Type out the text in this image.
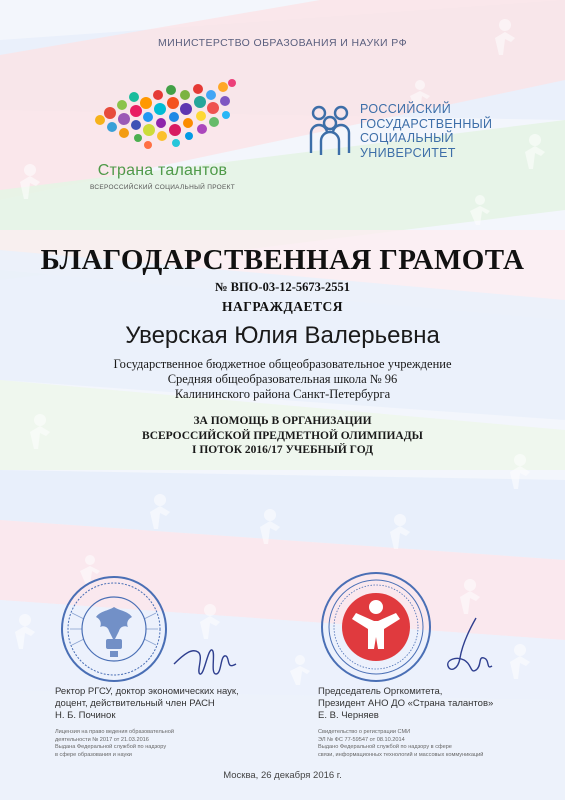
МИНИСТЕРСТВО ОБРАЗОВАНИЯ И НАУКИ РФ
Страна талантов
ВСЕРОССИЙСКИЙ СОЦИАЛЬНЫЙ ПРОЕКТ
РОССИЙСКИЙ
ГОСУДАРСТВЕННЫЙ
СОЦИАЛЬНЫЙ
УНИВЕРСИТЕТ
БЛАГОДАРСТВЕННАЯ ГРАМОТА
№ ВПО-03-12-5673-2551
НАГРАЖДАЕТСЯ
Уверская Юлия Валерьевна
Государственное бюджетное общеобразовательное учреждение
Средняя общеобразовательная школа № 96
Калининского района Санкт-Петербурга
ЗА ПОМОЩЬ В ОРГАНИЗАЦИИ
ВСЕРОССИЙСКОЙ ПРЕДМЕТНОЙ ОЛИМПИАДЫ
I ПОТОК 2016/17 УЧЕБНЫЙ ГОД
Ректор РГСУ, доктор экономических наук,
доцент, действительный член РАСН
Н. Б. Починок
Лицензия на право ведения образовательной
деятельности № 2017 от 21.03.2016
Выдана Федеральной службой по надзору
в сфере образования и науки
Председатель Оргкомитета,
Президент АНО ДО «Страна талантов»
Е. В. Черняев
Свидетельство о регистрации СМИ
ЭЛ № ФС 77-59547 от 08.10.2014
Выдано Федеральной службой по надзору в сфере
связи, информационных технологий и массовых коммуникаций
Москва, 26 декабря 2016 г.
